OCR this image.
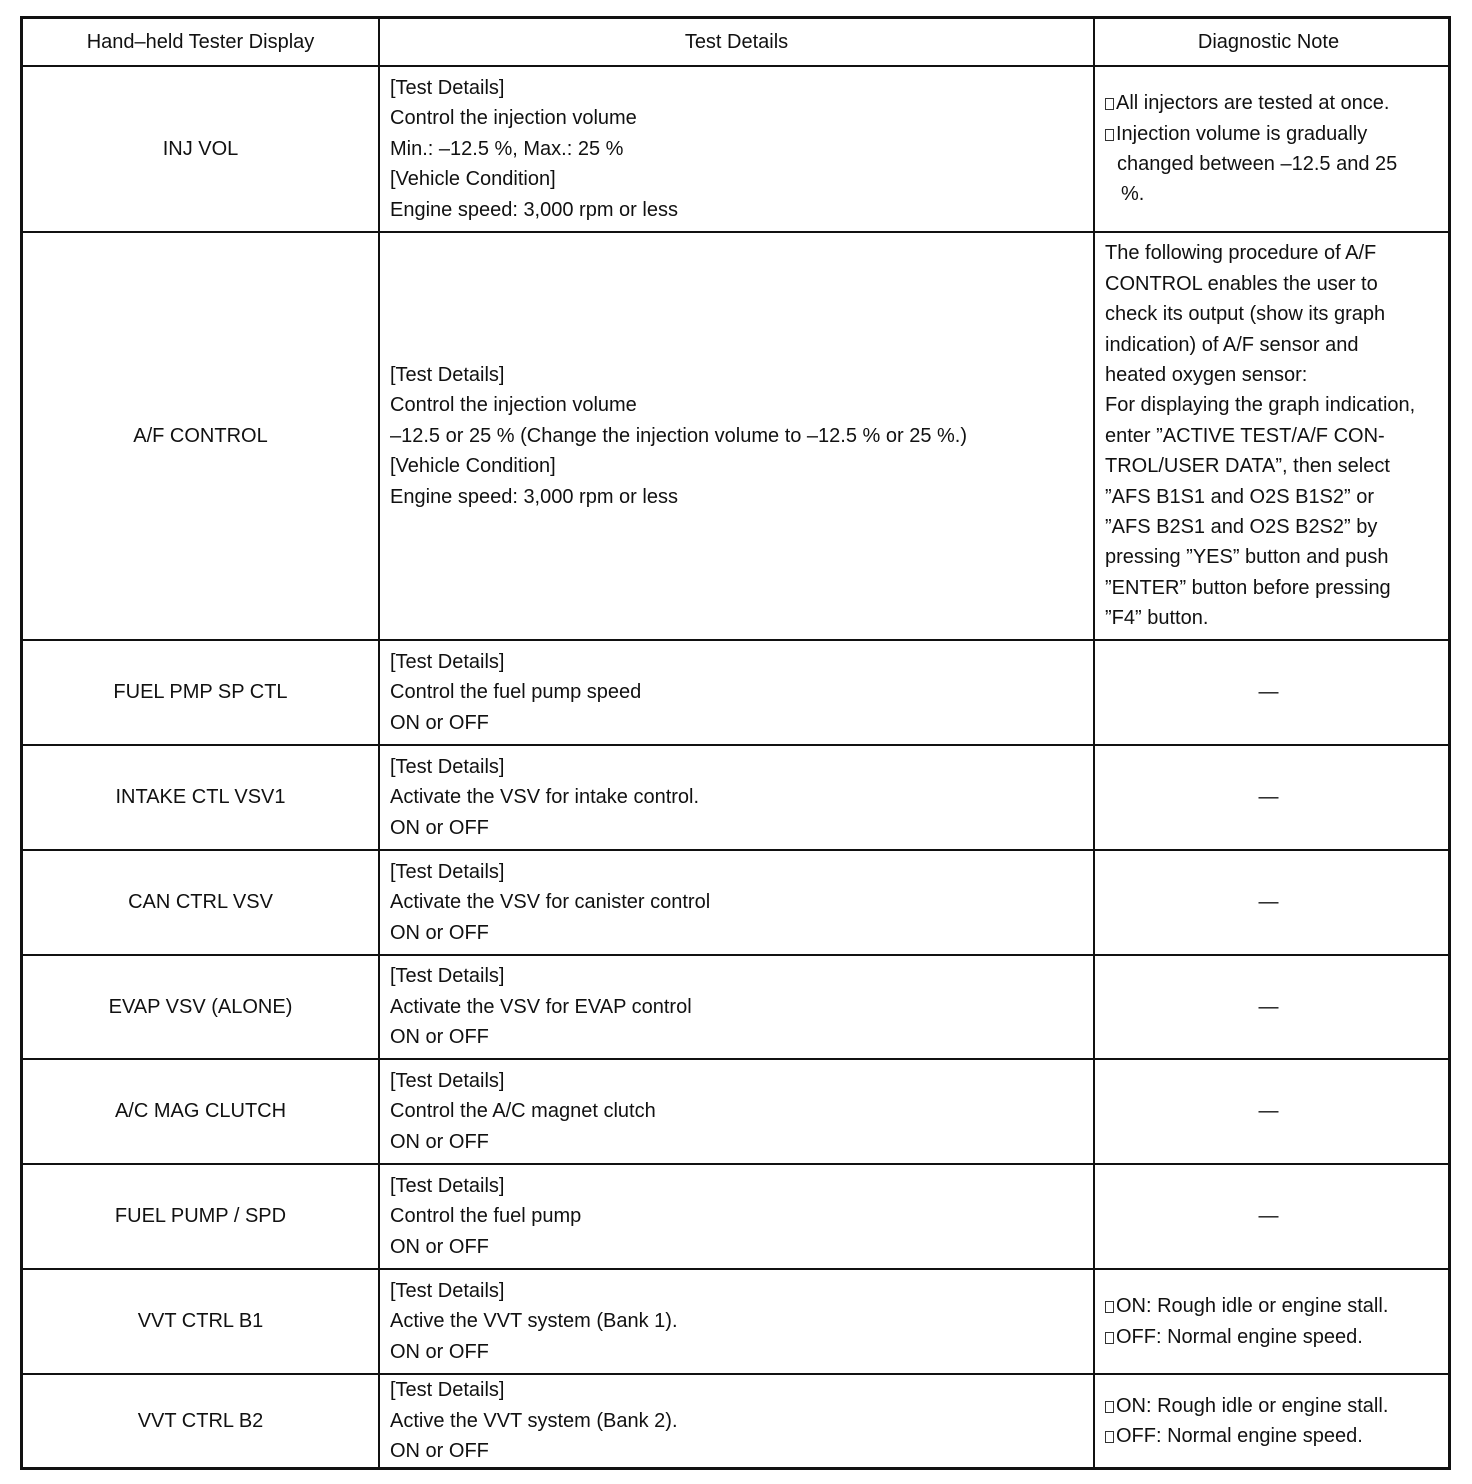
Hand–held Tester Display	Test Details	Diagnostic Note
INJ VOL
[Test Details]
Control the injection volume
Min.: –12.5 %, Max.: 25 %
[Vehicle Condition]
Engine speed: 3,000 rpm or less
All injectors are tested at once.
Injection volume is gradually
changed between –12.5 and 25
%.
A/F CONTROL
[Test Details]
Control the injection volume
–12.5 or 25 % (Change the injection volume to –12.5 % or 25 %.)
[Vehicle Condition]
Engine speed: 3,000 rpm or less
The following procedure of A/F
CONTROL enables the user to
check its output (show its graph
indication) of A/F sensor and
heated oxygen sensor:
For displaying the graph indication,
enter ”ACTIVE TEST/A/F CON-
TROL/USER DATA”, then select
”AFS B1S1 and O2S B1S2” or
”AFS B2S1 and O2S B2S2” by
pressing ”YES” button and push
”ENTER” button before pressing
”F4” button.
FUEL PMP SP CTL
[Test Details]
Control the fuel pump speed
ON or OFF
—
INTAKE CTL VSV1
[Test Details]
Activate the VSV for intake control.
ON or OFF
—
CAN CTRL VSV
[Test Details]
Activate the VSV for canister control
ON or OFF
—
EVAP VSV (ALONE)
[Test Details]
Activate the VSV for EVAP control
ON or OFF
—
A/C MAG CLUTCH
[Test Details]
Control the A/C magnet clutch
ON or OFF
—
FUEL PUMP / SPD
[Test Details]
Control the fuel pump
ON or OFF
—
VVT CTRL B1
[Test Details]
Active the VVT system (Bank 1).
ON or OFF
ON: Rough idle or engine stall.
OFF: Normal engine speed.
VVT CTRL B2
[Test Details]
Active the VVT system (Bank 2).
ON or OFF
ON: Rough idle or engine stall.
OFF: Normal engine speed.
